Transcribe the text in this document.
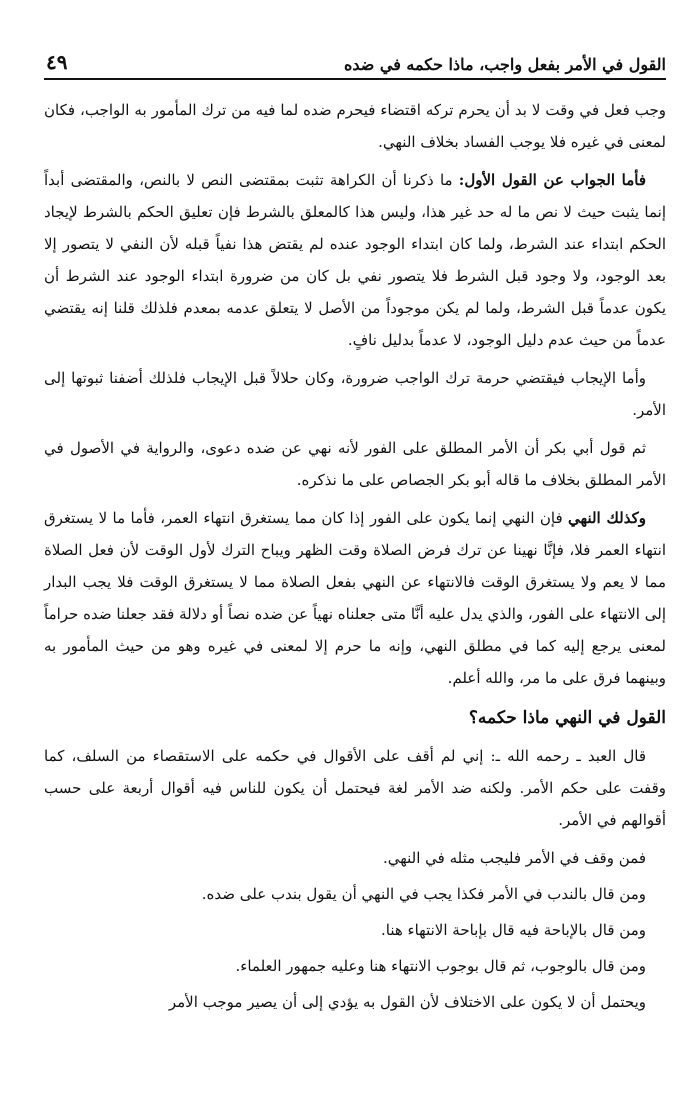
القول في الأمر بفعل واجب، ماذا حكمه في ضده
٤٩

وجب فعل في وقت لا بد أن يحرم تركه اقتضاء فيحرم ضده لما فيه من ترك المأمور به الواجب، فكان لمعنى في غيره فلا يوجب الفساد بخلاف النهي.

فأما الجواب عن القول الأول: ما ذكرنا أن الكراهة تثبت بمقتضى النص لا بالنص، والمقتضى أبداً إنما يثبت حيث لا نص ما له حد غير هذا، وليس هذا كالمعلق بالشرط فإن تعليق الحكم بالشرط لإيجاد الحكم ابتداء عند الشرط، ولما كان ابتداء الوجود عنده لم يقتض هذا نفياً قبله لأن النفي لا يتصور إلا بعد الوجود، ولا وجود قبل الشرط فلا يتصور نفي بل كان من ضرورة ابتداء الوجود عند الشرط أن يكون عدماً قبل الشرط، ولما لم يكن موجوداً من الأصل لا يتعلق عدمه بمعدم فلذلك قلنا إنه يقتضي عدماً من حيث عدم دليل الوجود، لا عدماً بدليل نافٍ.

وأما الإيجاب فيقتضي حرمة ترك الواجب ضرورة، وكان حلالاً قبل الإيجاب فلذلك أضفنا ثبوتها إلى الأمر.

ثم قول أبي بكر أن الأمر المطلق على الفور لأنه نهي عن ضده دعوى، والرواية في الأصول في الأمر المطلق بخلاف ما قاله أبو بكر الجصاص على ما نذكره.

وكذلك النهي فإن النهي إنما يكون على الفور إذا كان مما يستغرق انتهاء العمر، فأما ما لا يستغرق انتهاء العمر فلا، فإنَّا نهينا عن ترك فرض الصلاة وقت الظهر ويباح الترك لأول الوقت لأن فعل الصلاة مما لا يعم ولا يستغرق الوقت فالانتهاء عن النهي بفعل الصلاة مما لا يستغرق الوقت فلا يجب البدار إلى الانتهاء على الفور، والذي يدل عليه أنَّا متى جعلناه نهياً عن ضده نصاً أو دلالة فقد جعلنا ضده حراماً لمعنى يرجع إليه كما في مطلق النهي، وإنه ما حرم إلا لمعنى في غيره وهو من حيث المأمور به وبينهما فرق على ما مر، والله أعلم.

القول في النهي ماذا حكمه؟

قال العبد ـ رحمه الله ـ: إني لم أقف على الأقوال في حكمه على الاستقصاء من السلف، كما وقفت على حكم الأمر. ولكنه ضد الأمر لغة فيحتمل أن يكون للناس فيه أقوال أربعة على حسب أقوالهم في الأمر.

فمن وقف في الأمر فليجب مثله في النهي.

ومن قال بالندب في الأمر فكذا يجب في النهي أن يقول بندب على ضده.

ومن قال بالإباحة فيه قال بإباحة الانتهاء هنا.

ومن قال بالوجوب، ثم قال بوجوب الانتهاء هنا وعليه جمهور العلماء.

ويحتمل أن لا يكون على الاختلاف لأن القول به يؤدي إلى أن يصير موجب الأمر
